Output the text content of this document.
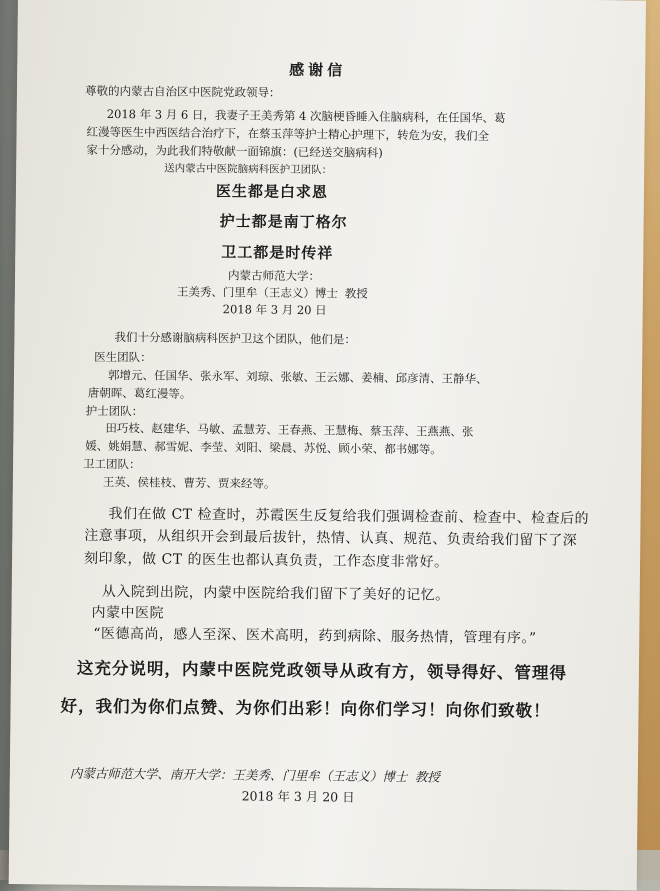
感谢信
尊敬的内蒙古自治区中医院党政领导：
2018 年 3 月 6 日，我妻子王美秀第 4 次脑梗昏睡入住脑病科，在任国华、葛
红漫等医生中西医结合治疗下，在蔡玉萍等护士精心护理下，转危为安，我们全
家十分感动，为此我们特敬献一面锦旗：(已经送交脑病科)
送内蒙古中医院脑病科医护卫团队：
医生都是白求恩
护士都是南丁格尔
卫工都是时传祥
内蒙古师范大学：
王美秀、门里牟（王志义）博士 教授
2018 年 3 月 20 日
我们十分感谢脑病科医护卫这个团队，他们是：
医生团队：
郭增元、任国华、张永军、刘琼、张敏、王云娜、姜楠、邱彦清、王静华、
唐朝晖、葛红漫等。
护士团队：
田巧枝、赵建华、马敏、孟慧芳、王春燕、王慧梅、蔡玉萍、王燕燕、张
媛、姚娟慧、郝雪妮、李莹、刘阳、梁晨、苏悦、顾小荣、都书娜等。
卫工团队：
王英、侯桂枝、曹芳、贾来经等。
我们在做 CT 检查时，苏霞医生反复给我们强调检查前、检查中、检查后的
注意事项，从组织开会到最后拔针，热情、认真、规范、负责给我们留下了深
刻印象，做 CT 的医生也都认真负责，工作态度非常好。
从入院到出院，内蒙中医院给我们留下了美好的记忆。
内蒙中医院
“医德高尚，感人至深、医术高明，药到病除、服务热情，管理有序。”
这充分说明，内蒙中医院党政领导从政有方，领导得好、管理得
好，我们为你们点赞、为你们出彩！向你们学习！向你们致敬！
内蒙古师范大学、南开大学：王美秀、门里牟（王志义）博士 教授
2018 年 3 月 20 日
